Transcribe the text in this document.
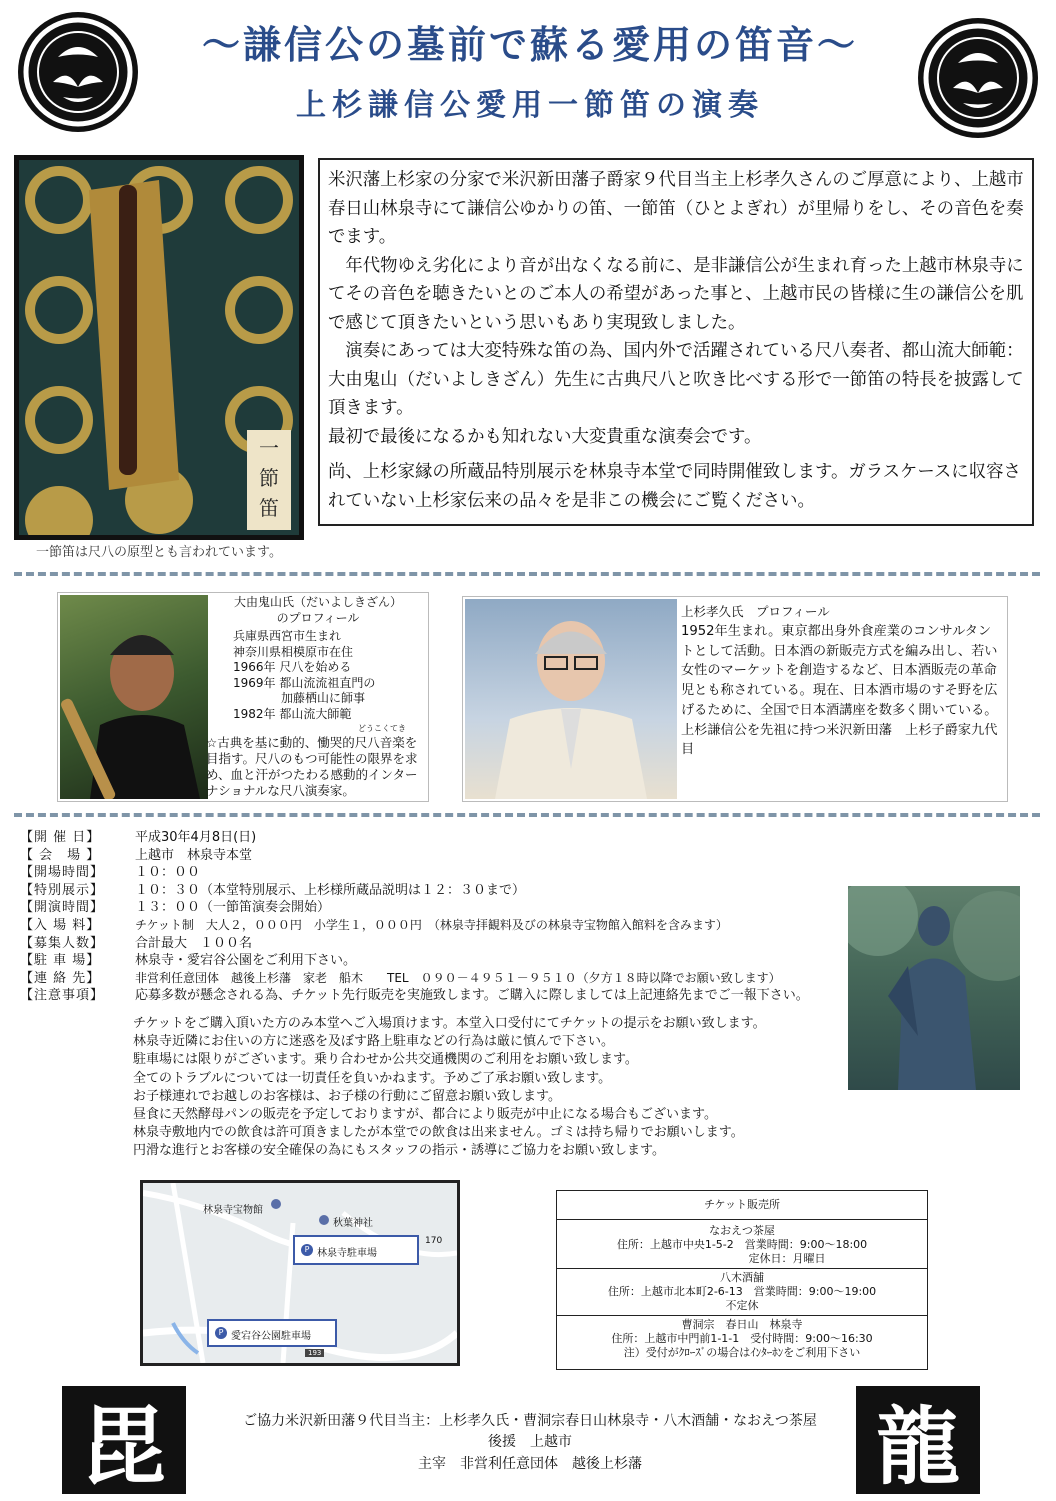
～謙信公の墓前で蘇る愛用の笛音～
上杉謙信公愛用一節笛の演奏
一
節
笛
一節笛は尺八の原型とも言われています。

米沢藩上杉家の分家で米沢新田藩子爵家９代目当主上杉孝久さんのご厚意により、上越市春日山林泉寺にて謙信公ゆかりの笛、一節笛（ひとよぎれ）が里帰りをし、その音色を奏でます。

　年代物ゆえ劣化により音が出なくなる前に、是非謙信公が生まれ育った上越市林泉寺にてその音色を聴きたいとのご本人の希望があった事と、上越市民の皆様に生の謙信公を肌で感じて頂きたいという思いもあり実現致しました。

　演奏にあっては大変特殊な笛の為、国内外で活躍されている尺八奏者、都山流大師範：大由鬼山（だいよしきざん）先生に古典尺八と吹き比べする形で一節笛の特長を披露して頂きます。

最初で最後になるかも知れない大変貴重な演奏会です。

尚、上杉家縁の所蔵品特別展示を林泉寺本堂で同時開催致します。ガラスケースに収容されていない上杉家伝来の品々を是非この機会にご覧ください。

大由鬼山氏（だいよしきざん）
のプロフィール
兵庫県西宮市生まれ
神奈川県相模原市在住
1966年 尺八を始める
1969年 都山流流祖直門の
　　　　加藤栖山に師事
1982年 都山流大師範
どうこくてき
☆古典を基に動的、慟哭的尺八音楽を目指す。尺八のもつ可能性の限界を求め、血と汗がつたわる感動的インターナショナルな尺八演奏家。
上杉孝久氏　プロフィール
1952年生まれ。東京都出身外食産業のコンサルタントとして活動。日本酒の新販売方式を編み出し、若い女性のマーケットを創造するなど、日本酒販売の革命児とも称されている。現在、日本酒市場のすそ野を広げるために、全国で日本酒講座を数多く開いている。上杉謙信公を先祖に持つ米沢新田藩　上杉子爵家九代目
【開 催 日】	平成30年4月8日(日)
【 会　場 】	上越市　林泉寺本堂
【開場時間】	１０：００
【特別展示】	１０：３０（本堂特別展示、上杉様所蔵品説明は１２：３０まで）
【開演時間】	１３：００（一節笛演奏会開始）
【入 場 料】	チケット制　大人２，０００円　小学生１，０００円　（林泉寺拝観料及びの林泉寺宝物館入館料を含みます）
【募集人数】	合計最大　１００名
【駐 車 場】	林泉寺・愛宕谷公園をご利用下さい。
【連 絡 先】	非営利任意団体　越後上杉藩　家老　船木　　TEL　０９０－４９５１－９５１０（夕方１８時以降でお願い致します）
【注意事項】	応募多数が懸念される為、チケット先行販売を実施致します。ご購入に際しましては上記連絡先までご一報下さい。
チケットをご購入頂いた方のみ本堂へご入場頂けます。本堂入口受付にてチケットの提示をお願い致します。
林泉寺近隣にお住いの方に迷惑を及ぼす路上駐車などの行為は厳に慎んで下さい。
駐車場には限りがございます。乗り合わせか公共交通機関のご利用をお願い致します。
全てのトラブルについては一切責任を負いかねます。予めご了承お願い致します。
お子様連れでお越しのお客様は、お子様の行動にご留意お願い致します。
昼食に天然酵母パンの販売を予定しておりますが、都合により販売が中止になる場合もございます。
林泉寺敷地内での飲食は許可頂きましたが本堂での飲食は出来ません。ゴミは持ち帰りでお願いします。
円滑な進行とお客様の安全確保の為にもスタッフの指示・誘導にご協力をお願い致します。
林泉寺宝物館
秋葉神社
林泉寺駐車場
P
170
愛宕谷公園駐車場
P
193
チケット販売所
なおえつ茶屋
住所：上越市中央1-5-2　営業時間：9:00～18:00
定休日：月曜日
八木酒舗
住所：上越市北本町2-6-13　営業時間：9:00～19:00
不定休
曹洞宗　春日山　林泉寺
住所：上越市中門前1-1-1　受付時間：9:00～16:30
注）受付がｸﾛｰｽﾞの場合はｲﾝﾀｰﾎﾝをご利用下さい
毘	龍
ご協力米沢新田藩９代目当主：上杉孝久氏・曹洞宗春日山林泉寺・八木酒舗・なおえつ茶屋
後援　上越市
主宰　非営利任意団体　越後上杉藩
